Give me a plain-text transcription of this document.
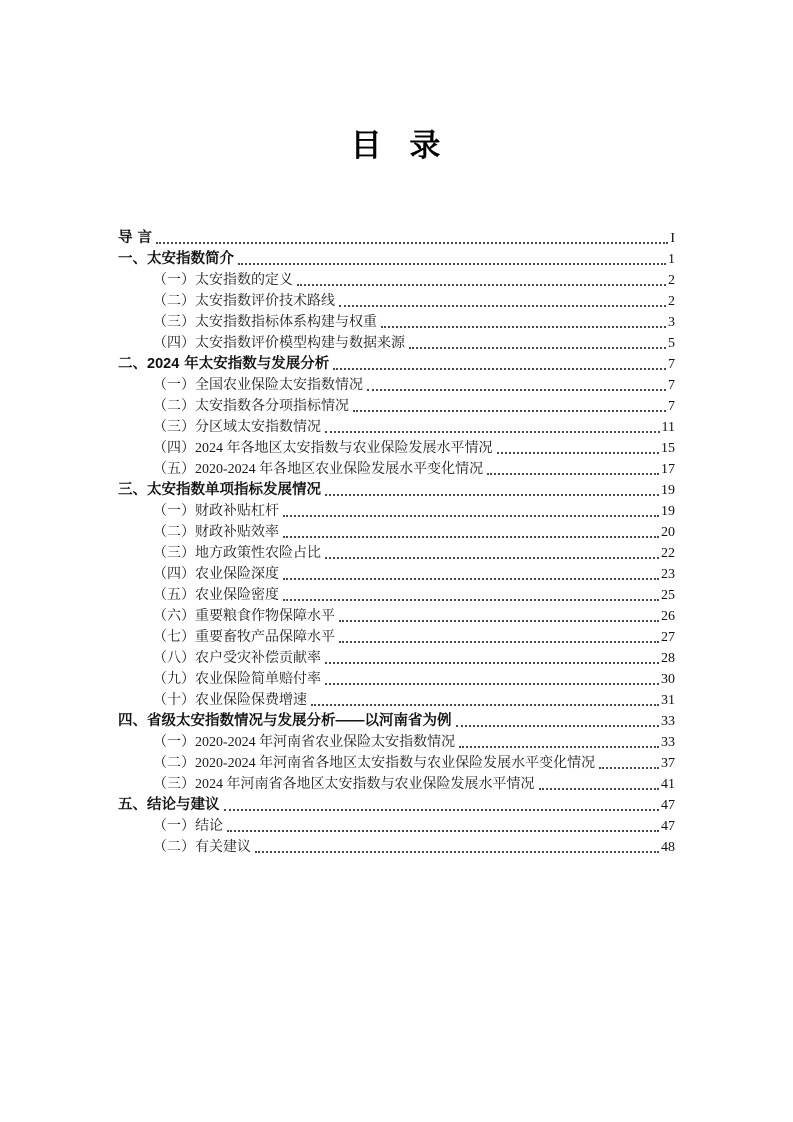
目 录
导 言	I
一、太安指数简介	1
（一）太安指数的定义	2
（二）太安指数评价技术路线	2
（三）太安指数指标体系构建与权重	3
（四）太安指数评价模型构建与数据来源	5
二、2024 年太安指数与发展分析	7
（一）全国农业保险太安指数情况	7
（二）太安指数各分项指标情况	7
（三）分区域太安指数情况	11
（四）2024 年各地区太安指数与农业保险发展水平情况	15
（五）2020-2024 年各地区农业保险发展水平变化情况	17
三、太安指数单项指标发展情况	19
（一）财政补贴杠杆	19
（二）财政补贴效率	20
（三）地方政策性农险占比	22
（四）农业保险深度	23
（五）农业保险密度	25
（六）重要粮食作物保障水平	26
（七）重要畜牧产品保障水平	27
（八）农户受灾补偿贡献率	28
（九）农业保险简单赔付率	30
（十）农业保险保费增速	31
四、省级太安指数情况与发展分析——以河南省为例	33
（一）2020-2024 年河南省农业保险太安指数情况	33
（二）2020-2024 年河南省各地区太安指数与农业保险发展水平变化情况	37
（三）2024 年河南省各地区太安指数与农业保险发展水平情况	41
五、结论与建议	47
（一）结论	47
（二）有关建议	48
